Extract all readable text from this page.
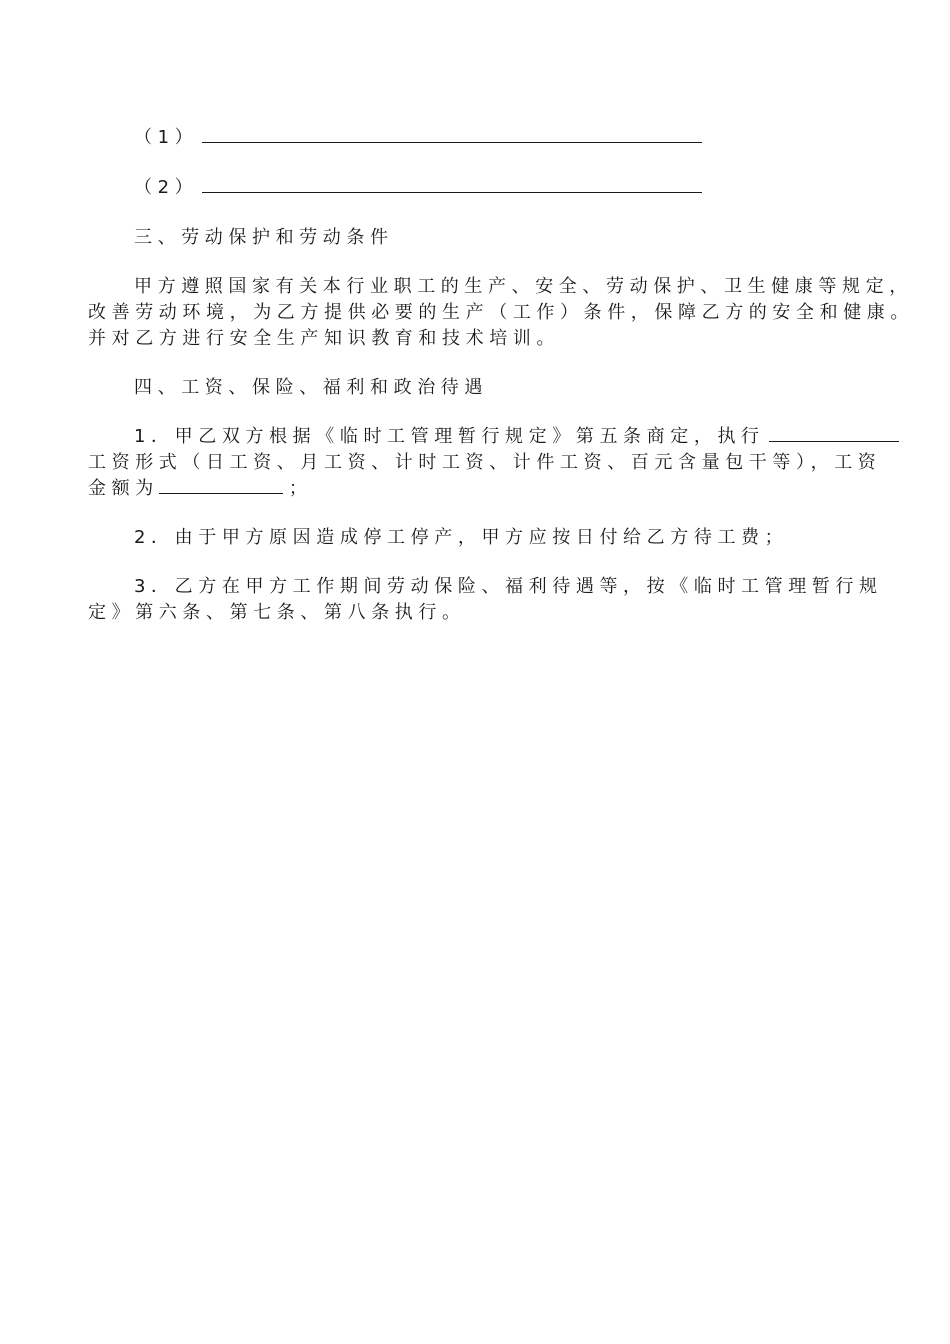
（1）
（2）
三、劳动保护和劳动条件
甲方遵照国家有关本行业职工的生产、安全、劳动保护、卫生健康等规定，
改善劳动环境，为乙方提供必要的生产（工作）条件，保障乙方的安全和健康。
并对乙方进行安全生产知识教育和技术培训。
四、工资、保险、福利和政治待遇
1．甲乙双方根据《临时工管理暂行规定》第五条商定，执行
工资形式（日工资、月工资、计时工资、计件工资、百元含量包干等），工资
金额为	；
2．由于甲方原因造成停工停产，甲方应按日付给乙方待工费；
3．乙方在甲方工作期间劳动保险、福利待遇等，按《临时工管理暂行规
定》第六条、第七条、第八条执行。
